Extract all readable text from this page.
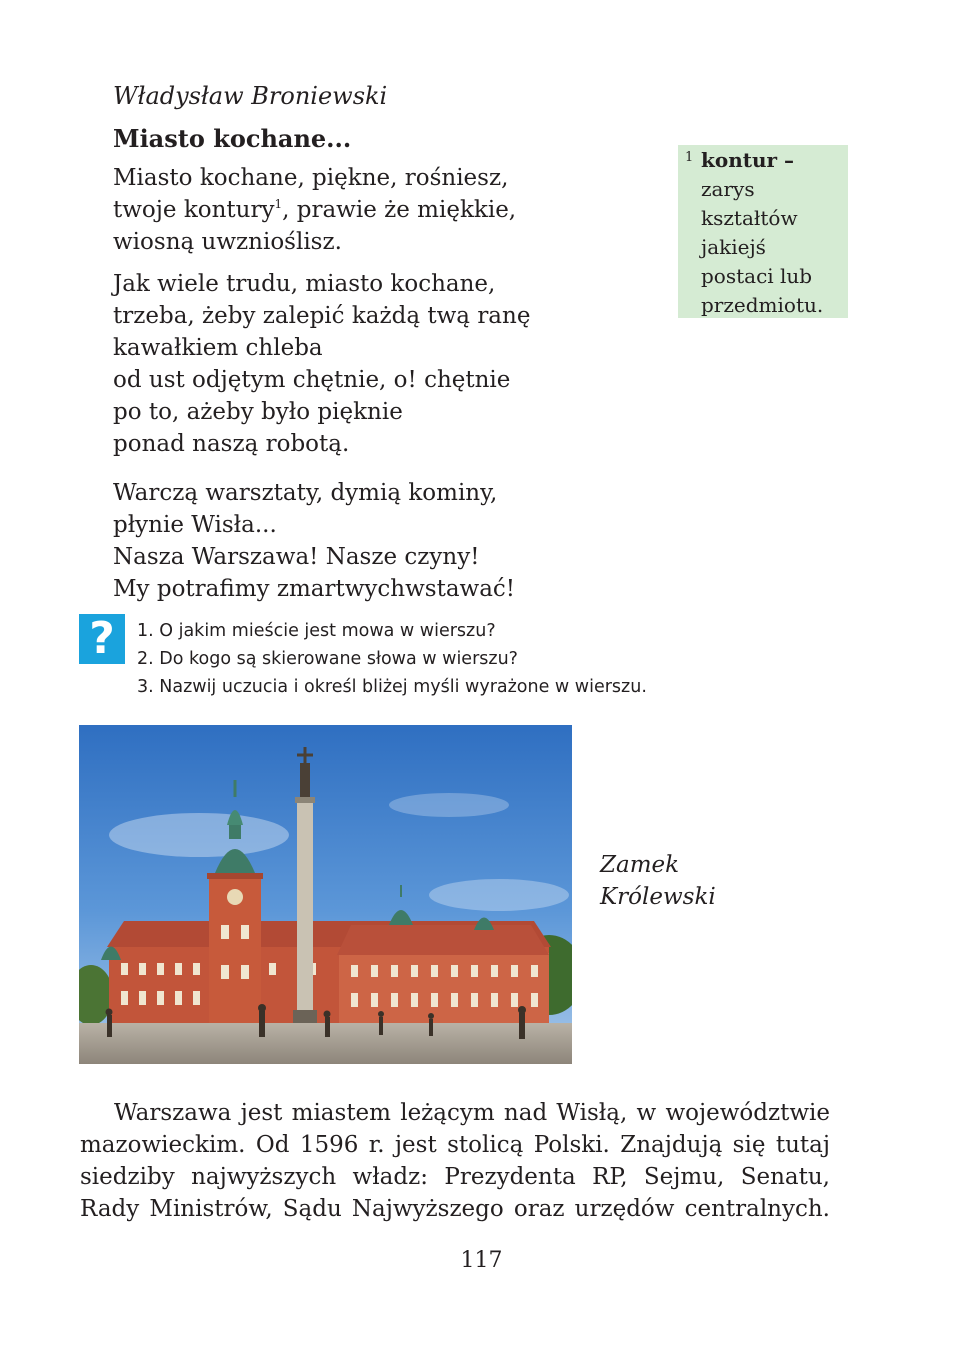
Władysław Broniewski
Miasto kochane...
Miasto kochane, piękne, rośniesz,
twoje kontury$^1$, prawie że miękkie,
wiosną uwznioślisz.
Jak wiele trudu, miasto kochane,
trzeba, żeby zalepić każdą twą ranę
kawałkiem chleba
od ust odjętym chętnie, o! chętnie
po to, ażeby było pięknie
ponad naszą robotą.
Warczą warsztaty, dymią kominy,
płynie Wisła...
Nasza Warszawa! Nasze czyny!
My potrafimy zmartwychwstawać!
1 kontur –
zarys
kształtów
jakiejś
postaci lub
przedmiotu.
?	1. O jakim mieście jest mowa w wierszu?
2. Do kogo są skierowane słowa w wierszu?
3. Nazwij uczucia i określ bliżej myśli wyrażone w wierszu.
Zamek
Królewski
Warszawa jest miastem leżącym nad Wisłą, w województwie
mazowieckim. Od 1596 r. jest stolicą Polski. Znajdują się tutaj
siedziby najwyższych władz: Prezydenta RP, Sejmu, Senatu,
Rady Ministrów, Sądu Najwyższego oraz urzędów centralnych.
117
